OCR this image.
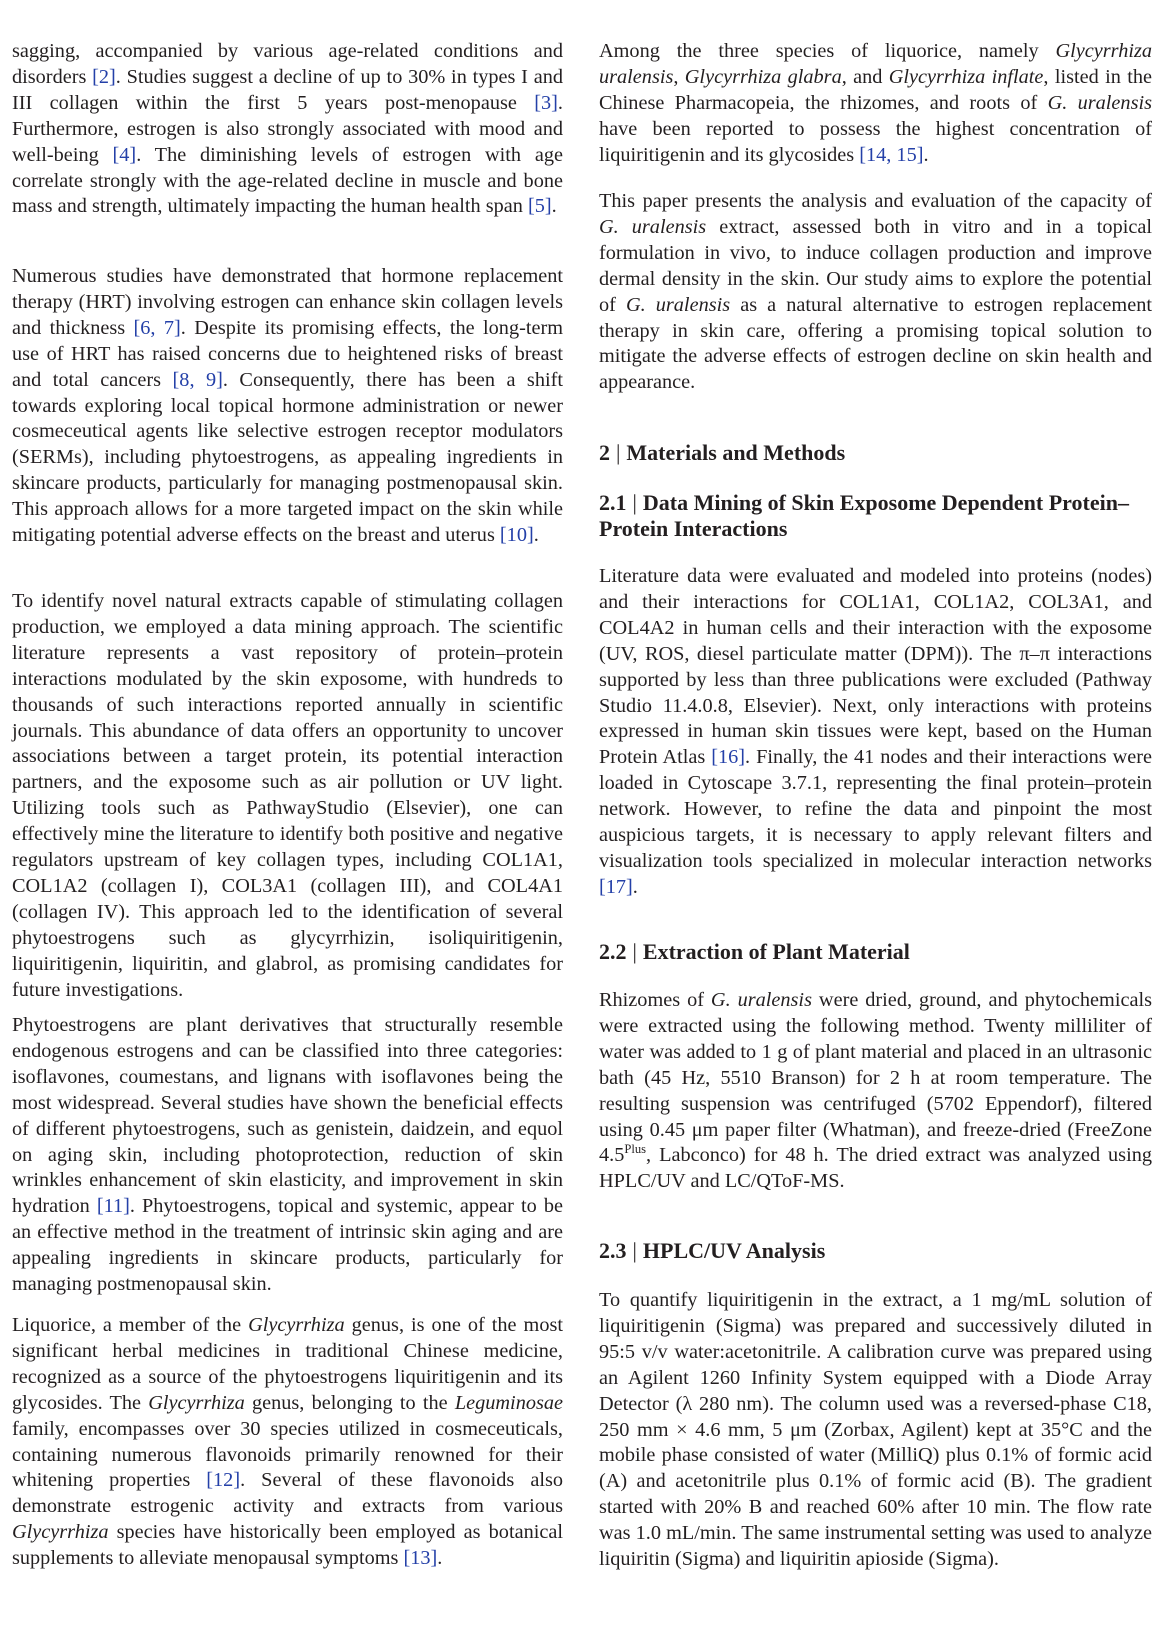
sagging, accompanied by various age-related conditions and disorders [2]. Studies suggest a decline of up to 30% in types I and III collagen within the first 5 years post-menopause [3]. Furthermore, estrogen is also strongly associated with mood and well-being [4]. The diminishing levels of estrogen with age correlate strongly with the age-related decline in muscle and bone mass and strength, ultimately impacting the human health span [5].

Numerous studies have demonstrated that hormone replacement therapy (HRT) involving estrogen can enhance skin collagen levels and thickness [6, 7]. Despite its promising effects, the long-term use of HRT has raised concerns due to heightened risks of breast and total cancers [8, 9]. Consequently, there has been a shift towards exploring local topical hormone administration or newer cosmeceutical agents like selective estrogen receptor modulators (SERMs), including phytoestrogens, as appealing ingredients in skincare products, particularly for managing postmenopausal skin. This approach allows for a more targeted impact on the skin while mitigating potential adverse effects on the breast and uterus [10].

To identify novel natural extracts capable of stimulating collagen production, we employed a data mining approach. The scientific literature represents a vast repository of protein–protein interactions modulated by the skin exposome, with hundreds to thousands of such interactions reported annually in scientific journals. This abundance of data offers an opportunity to uncover associations between a target protein, its potential interaction partners, and the exposome such as air pollution or UV light. Utilizing tools such as PathwayStudio (Elsevier), one can effectively mine the literature to identify both positive and negative regulators upstream of key collagen types, including COL1A1, COL1A2 (collagen I), COL3A1 (collagen III), and COL4A1 (collagen IV). This approach led to the identification of several phytoestrogens such as glycyrrhizin, isoliquiritigenin, liquiritigenin, liquiritin, and glabrol, as promising candidates for future investigations.

Phytoestrogens are plant derivatives that structurally resemble endogenous estrogens and can be classified into three categories: isoflavones, coumestans, and lignans with isoflavones being the most widespread. Several studies have shown the beneficial effects of different phytoestrogens, such as genistein, daidzein, and equol on aging skin, including photoprotection, reduction of skin wrinkles enhancement of skin elasticity, and improvement in skin hydration [11]. Phytoestrogens, topical and systemic, appear to be an effective method in the treatment of intrinsic skin aging and are appealing ingredients in skincare products, particularly for managing postmenopausal skin.

Liquorice, a member of the Glycyrrhiza genus, is one of the most significant herbal medicines in traditional Chinese medicine, recognized as a source of the phytoestrogens liquiritigenin and its glycosides. The Glycyrrhiza genus, belonging to the Leguminosae family, encompasses over 30 species utilized in cosmeceuticals, containing numerous flavonoids primarily renowned for their whitening properties [12]. Several of these flavonoids also demonstrate estrogenic activity and extracts from various Glycyrrhiza species have historically been employed as botanical supplements to alleviate menopausal symptoms [13].

Among the three species of liquorice, namely Glycyrrhiza uralensis, Glycyrrhiza glabra, and Glycyrrhiza inflate, listed in the Chinese Pharmacopeia, the rhizomes, and roots of G. uralensis have been reported to possess the highest concentration of liquiritigenin and its glycosides [14, 15].

This paper presents the analysis and evaluation of the capacity of G. uralensis extract, assessed both in vitro and in a topical formulation in vivo, to induce collagen production and improve dermal density in the skin. Our study aims to explore the potential of G. uralensis as a natural alternative to estrogen replacement therapy in skin care, offering a promising topical solution to mitigate the adverse effects of estrogen decline on skin health and appearance.

2 | Materials and Methods
2.1 | Data Mining of Skin Exposome Dependent Protein–Protein Interactions

Literature data were evaluated and modeled into proteins (nodes) and their interactions for COL1A1, COL1A2, COL3A1, and COL4A2 in human cells and their interaction with the exposome (UV, ROS, diesel particulate matter (DPM)). The π–π interactions supported by less than three publications were excluded (Pathway Studio 11.4.0.8, Elsevier). Next, only interactions with proteins expressed in human skin tissues were kept, based on the Human Protein Atlas [16]. Finally, the 41 nodes and their interactions were loaded in Cytoscape 3.7.1, representing the final protein–protein network. However, to refine the data and pinpoint the most auspicious targets, it is necessary to apply relevant filters and visualization tools specialized in molecular interaction networks [17].

2.2 | Extraction of Plant Material

Rhizomes of G. uralensis were dried, ground, and phytochemicals were extracted using the following method. Twenty milliliter of water was added to 1 g of plant material and placed in an ultrasonic bath (45 Hz, 5510 Branson) for 2 h at room temperature. The resulting suspension was centrifuged (5702 Eppendorf), filtered using 0.45 μm paper filter (Whatman), and freeze-dried (FreeZone $4.5^{Plus}$, Labconco) for 48 h. The dried extract was analyzed using HPLC/UV and LC/QToF-MS.

2.3 | HPLC/UV Analysis

To quantify liquiritigenin in the extract, a 1 mg/mL solution of liquiritigenin (Sigma) was prepared and successively diluted in 95:5 v/v water:acetonitrile. A calibration curve was prepared using an Agilent 1260 Infinity System equipped with a Diode Array Detector (λ 280 nm). The column used was a reversed-phase C18, 250 mm × 4.6 mm, 5 μm (Zorbax, Agilent) kept at 35°C and the mobile phase consisted of water (MilliQ) plus 0.1% of formic acid (A) and acetonitrile plus 0.1% of formic acid (B). The gradient started with 20% B and reached 60% after 10 min. The flow rate was 1.0 mL/min. The same instrumental setting was used to analyze liquiritin (Sigma) and liquiritin apioside (Sigma).
